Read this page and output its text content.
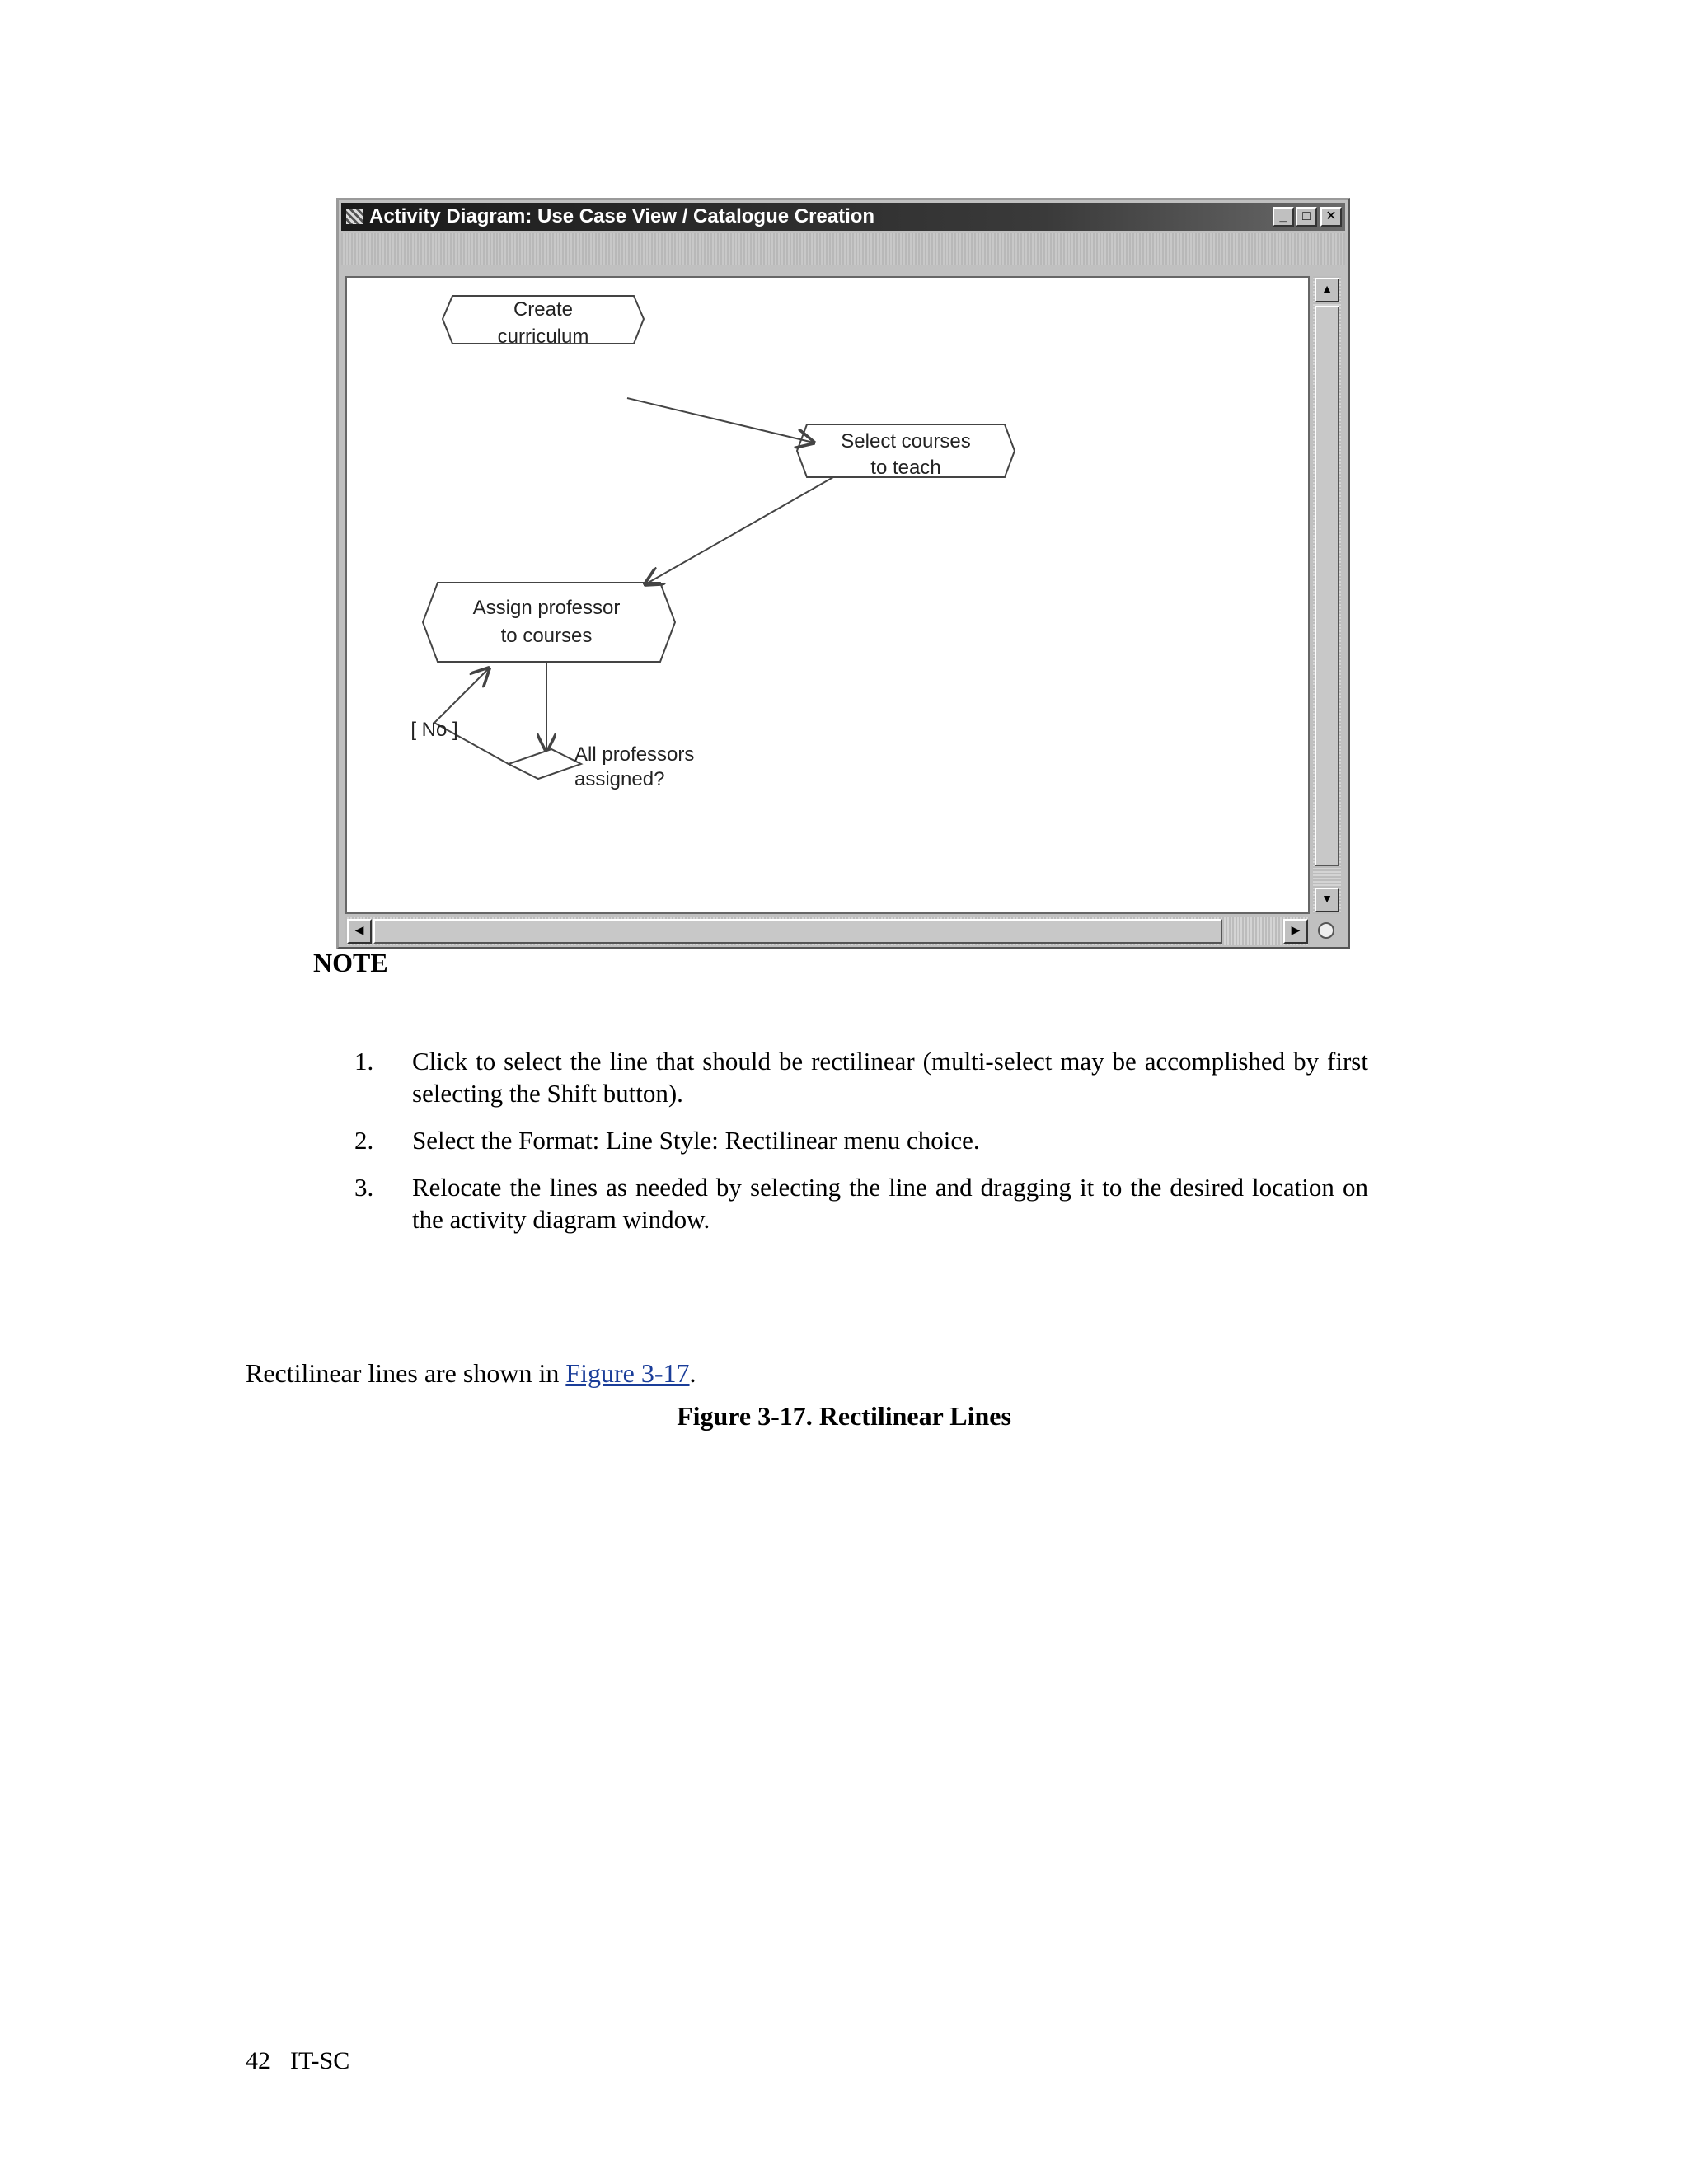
Activity Diagram: Use Case View / Catalogue Creation	_	□	✕
Create
curriculum
Select courses
to teach
Assign professor
to courses
[ No ]
All professors
assigned?
▲
▼
◀	▶
NOTE
1. Click to select the line that should be rectilinear (multi-select may be accomplished by first selecting the Shift button).
2. Select the Format: Line Style: Rectilinear menu choice.
3. Relocate the lines as needed by selecting the line and dragging it to the desired location on the activity diagram window.

Rectilinear lines are shown in Figure 3-17.

Figure 3-17. Rectilinear Lines
42 IT-SC
